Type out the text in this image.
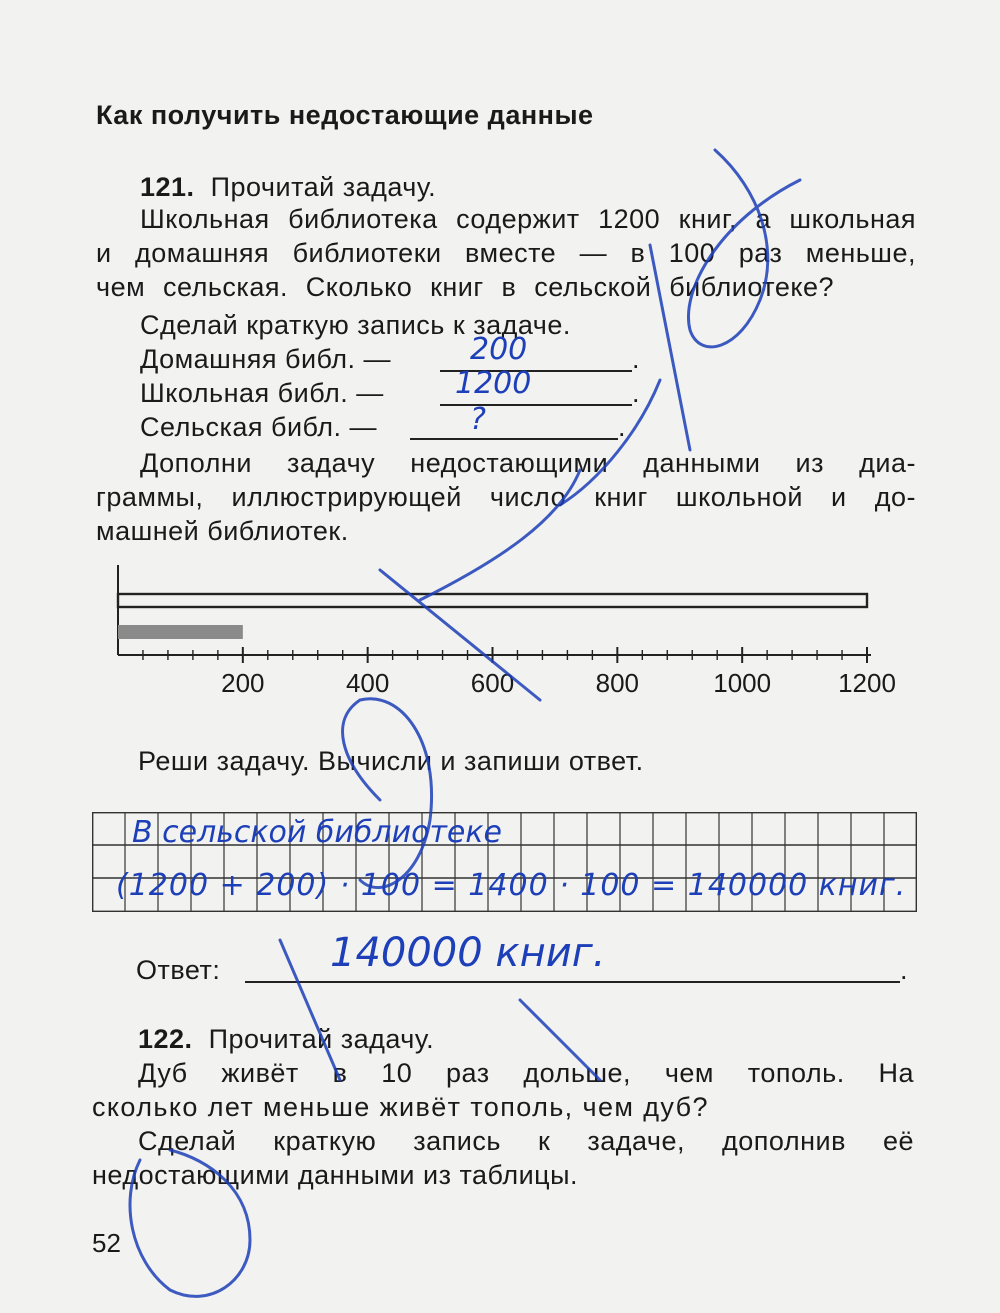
Как получить недостающие данные
121. Прочитай задачу.
Школьная библиотека содержит 1200 книг, а школьная
и домашняя библиотеки вместе — в 100 раз меньше,
чем сельская. Сколько книг в сельской библиотеке?
Сделай краткую запись к задаче.
Домашняя библ. —	.
200
Школьная библ. —	.
1200
Сельская библ. —	.
?
Дополни задачу недостающими данными из диа-
граммы, иллюстрирующей число книг школьной и до-
машней библиотек.
200	400	600	800	1000	1200
Реши задачу. Вычисли и запиши ответ.
В сельской библиотеке
(1200 + 200) · 100 = 1400 · 100 = 140000 книг.
Ответ:	.
140000 книг.
122. Прочитай задачу.
Дуб живёт в 10 раз дольше, чем тополь. На
сколько лет меньше живёт тополь, чем дуб?
Сделай краткую запись к задаче, дополнив её
недостающими данными из таблицы.
52
